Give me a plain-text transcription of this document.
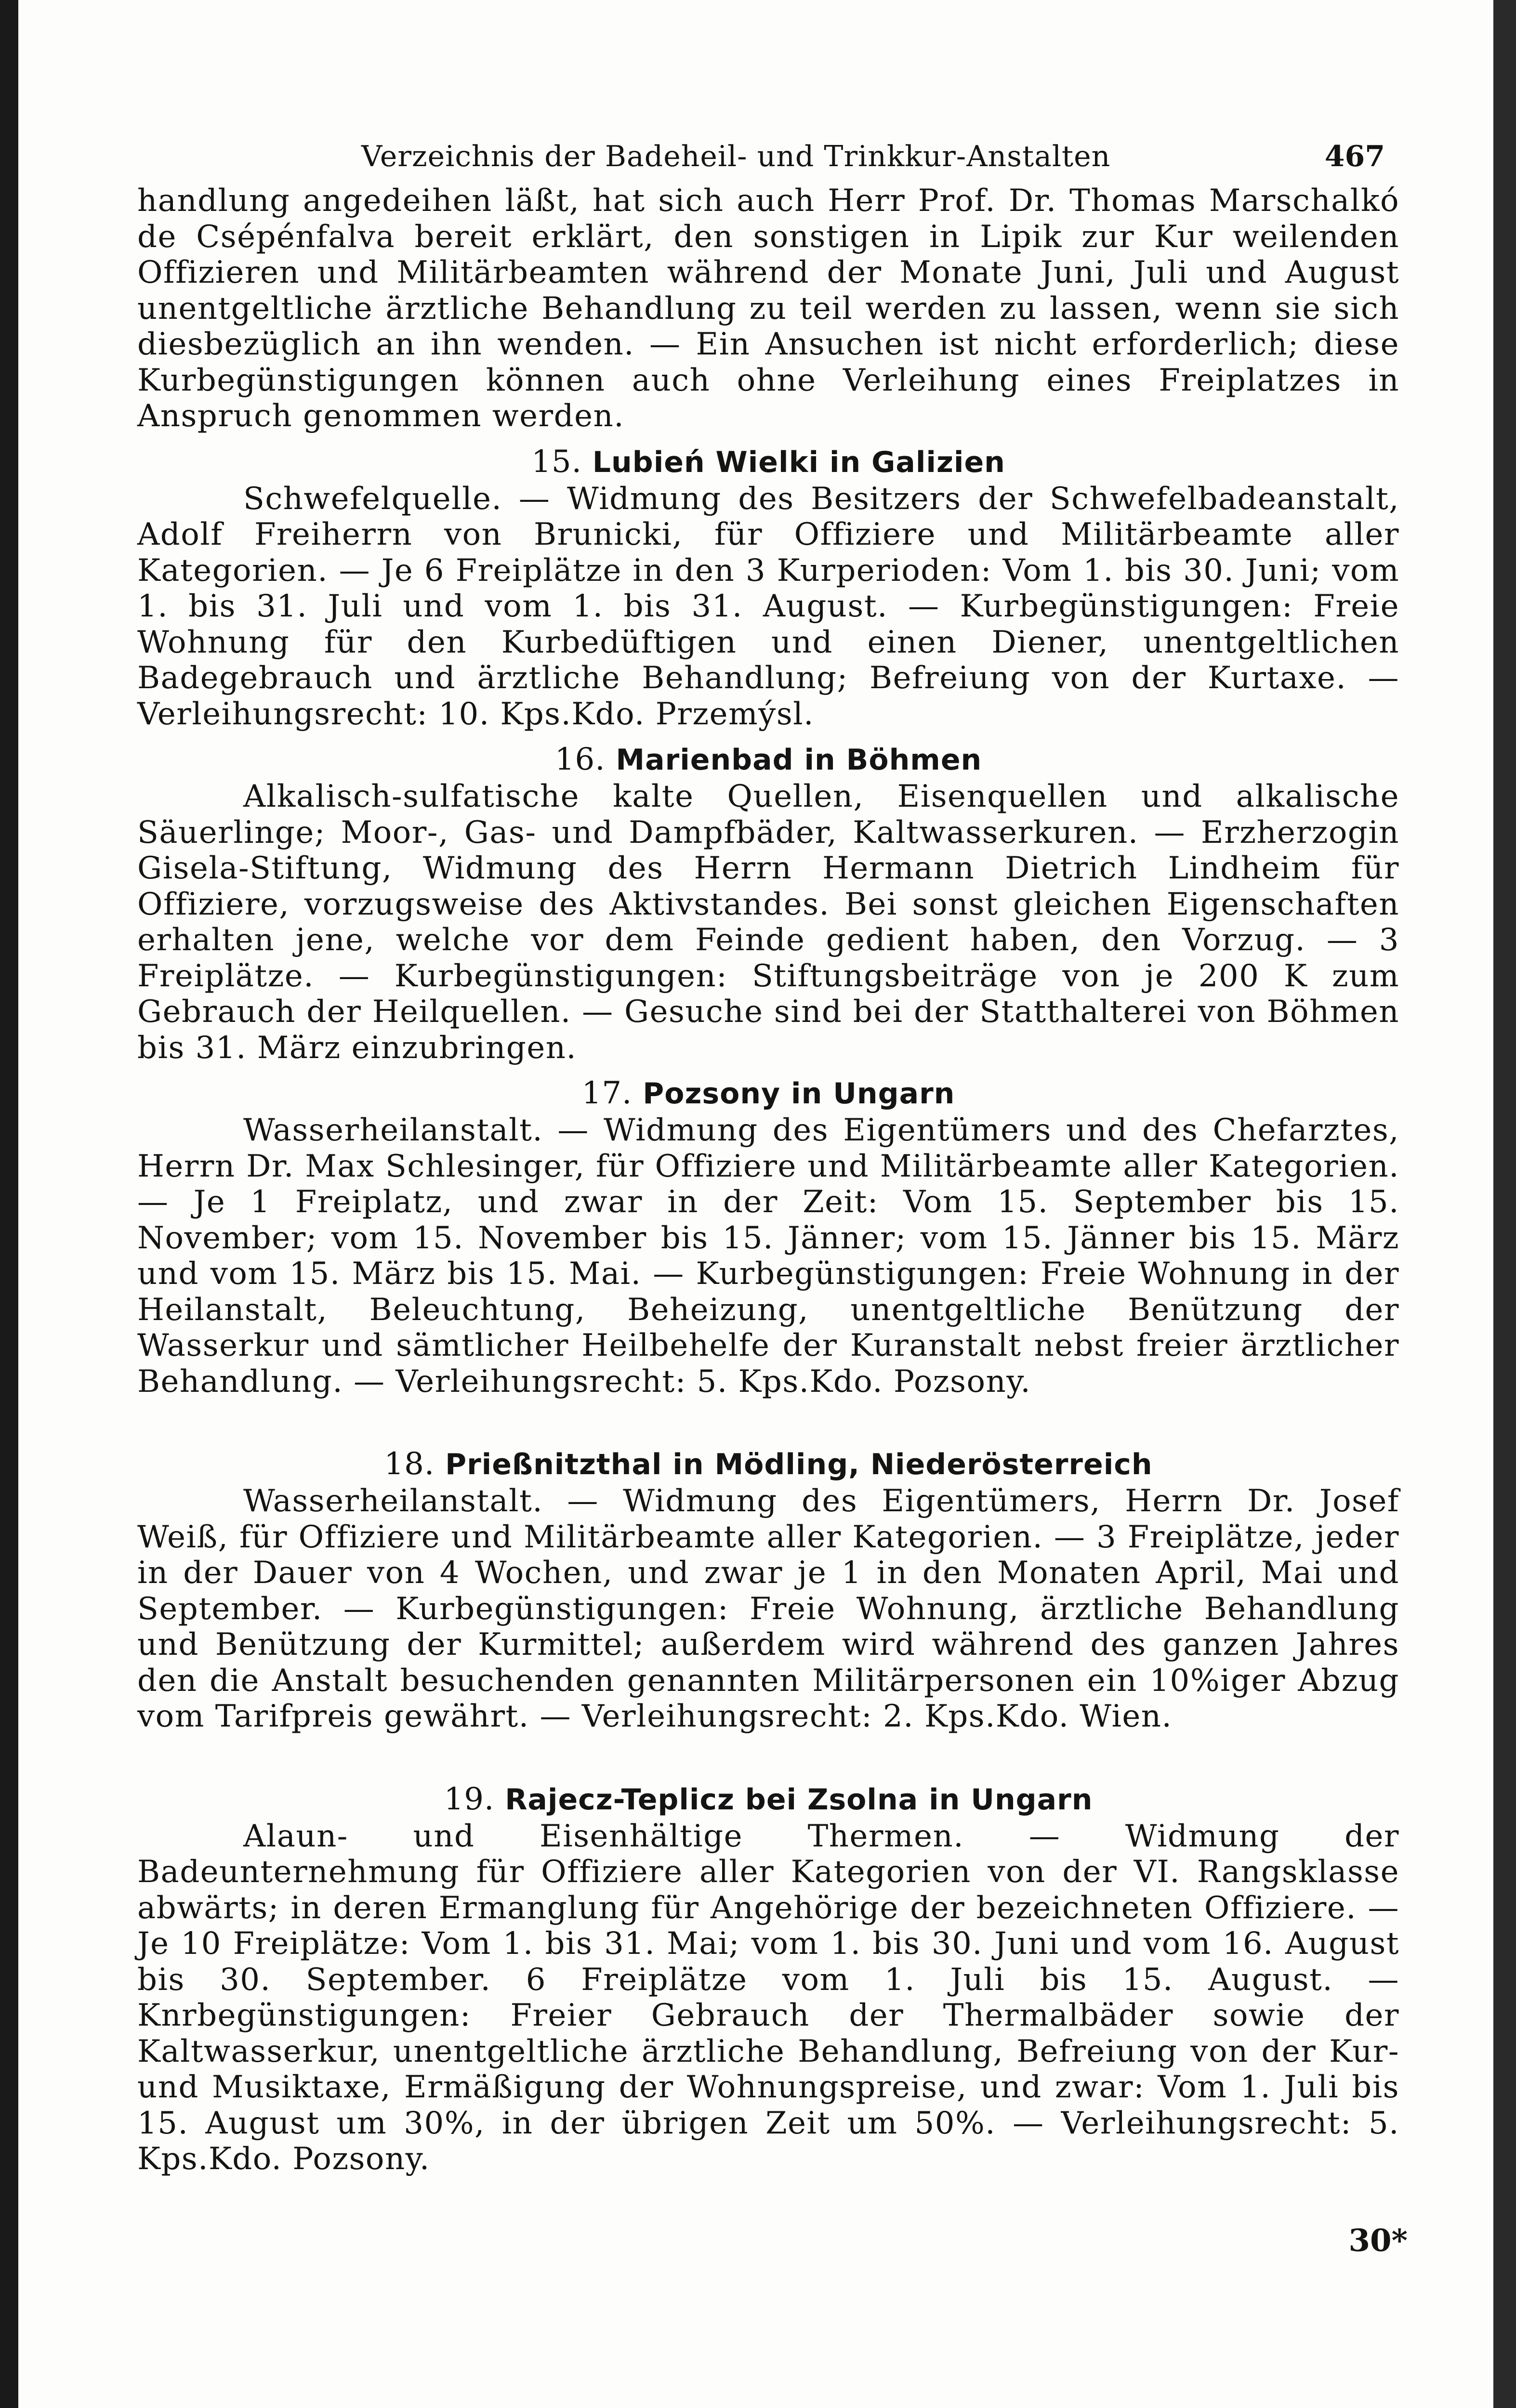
Verzeichnis der Badeheil- und Trinkkur-Anstalten	467

handlung angedeihen läßt, hat sich auch Herr Prof. Dr. Thomas Marschalkó de Csépénfalva bereit erklärt, den sonstigen in Lipik zur Kur weilenden Offizieren und Militärbeamten während der Monate Juni, Juli und August unentgeltliche ärztliche Behandlung zu teil werden zu lassen, wenn sie sich diesbezüglich an ihn wenden. — Ein Ansuchen ist nicht erforderlich; diese Kurbegünstigungen können auch ohne Verleihung eines Freiplatzes in Anspruch genommen werden.

15. Lubień Wielki in Galizien

Schwefelquelle. — Widmung des Besitzers der Schwefelbadeanstalt, Adolf Freiherrn von Brunicki, für Offiziere und Militärbeamte aller Kategorien. — Je 6 Freiplätze in den 3 Kurperioden: Vom 1. bis 30. Juni; vom 1. bis 31. Juli und vom 1. bis 31. August. — Kurbegünstigungen: Freie Wohnung für den Kurbedüftigen und einen Diener, unentgeltlichen Badegebrauch und ärztliche Behandlung; Befreiung von der Kurtaxe. — Verleihungsrecht: 10. Kps.Kdo. Przemýsl.

16. Marienbad in Böhmen

Alkalisch-sulfatische kalte Quellen, Eisenquellen und alkalische Säuerlinge; Moor-, Gas- und Dampfbäder, Kaltwasserkuren. — Erzherzogin Gisela-Stiftung, Widmung des Herrn Hermann Dietrich Lindheim für Offiziere, vorzugsweise des Aktivstandes. Bei sonst gleichen Eigenschaften erhalten jene, welche vor dem Feinde gedient haben, den Vorzug. — 3 Freiplätze. — Kurbegünstigungen: Stiftungsbeiträge von je 200 K zum Gebrauch der Heilquellen. — Gesuche sind bei der Statthalterei von Böhmen bis 31. März einzubringen.

17. Pozsony in Ungarn

Wasserheilanstalt. — Widmung des Eigentümers und des Chefarztes, Herrn Dr. Max Schlesinger, für Offiziere und Militärbeamte aller Kategorien. — Je 1 Freiplatz, und zwar in der Zeit: Vom 15. September bis 15. November; vom 15. November bis 15. Jänner; vom 15. Jänner bis 15. März und vom 15. März bis 15. Mai. — Kurbegünstigungen: Freie Wohnung in der Heilanstalt, Beleuchtung, Beheizung, unentgeltliche Benützung der Wasserkur und sämtlicher Heilbehelfe der Kuranstalt nebst freier ärztlicher Behandlung. — Verleihungsrecht: 5. Kps.Kdo. Pozsony.

18. Prießnitzthal in Mödling, Niederösterreich

Wasserheilanstalt. — Widmung des Eigentümers, Herrn Dr. Josef Weiß, für Offiziere und Militärbeamte aller Kategorien. — 3 Freiplätze, jeder in der Dauer von 4 Wochen, und zwar je 1 in den Monaten April, Mai und September. — Kurbegünstigungen: Freie Wohnung, ärztliche Behandlung und Benützung der Kurmittel; außerdem wird während des ganzen Jahres den die Anstalt besuchenden genannten Militärpersonen ein 10%iger Abzug vom Tarifpreis gewährt. — Verleihungsrecht: 2. Kps.Kdo. Wien.

19. Rajecz-Teplicz bei Zsolna in Ungarn

Alaun- und Eisenhältige Thermen. — Widmung der Badeunternehmung für Offiziere aller Kategorien von der VI. Rangsklasse abwärts; in deren Ermanglung für Angehörige der bezeichneten Offiziere. — Je 10 Freiplätze: Vom 1. bis 31. Mai; vom 1. bis 30. Juni und vom 16. August bis 30. September. 6 Freiplätze vom 1. Juli bis 15. August. — Knrbegünstigungen: Freier Gebrauch der Thermalbäder sowie der Kaltwasserkur, unentgeltliche ärztliche Behandlung, Befreiung von der Kur- und Musiktaxe, Ermäßigung der Wohnungspreise, und zwar: Vom 1. Juli bis 15. August um 30%, in der übrigen Zeit um 50%. — Verleihungsrecht: 5. Kps.Kdo. Pozsony.

30*
